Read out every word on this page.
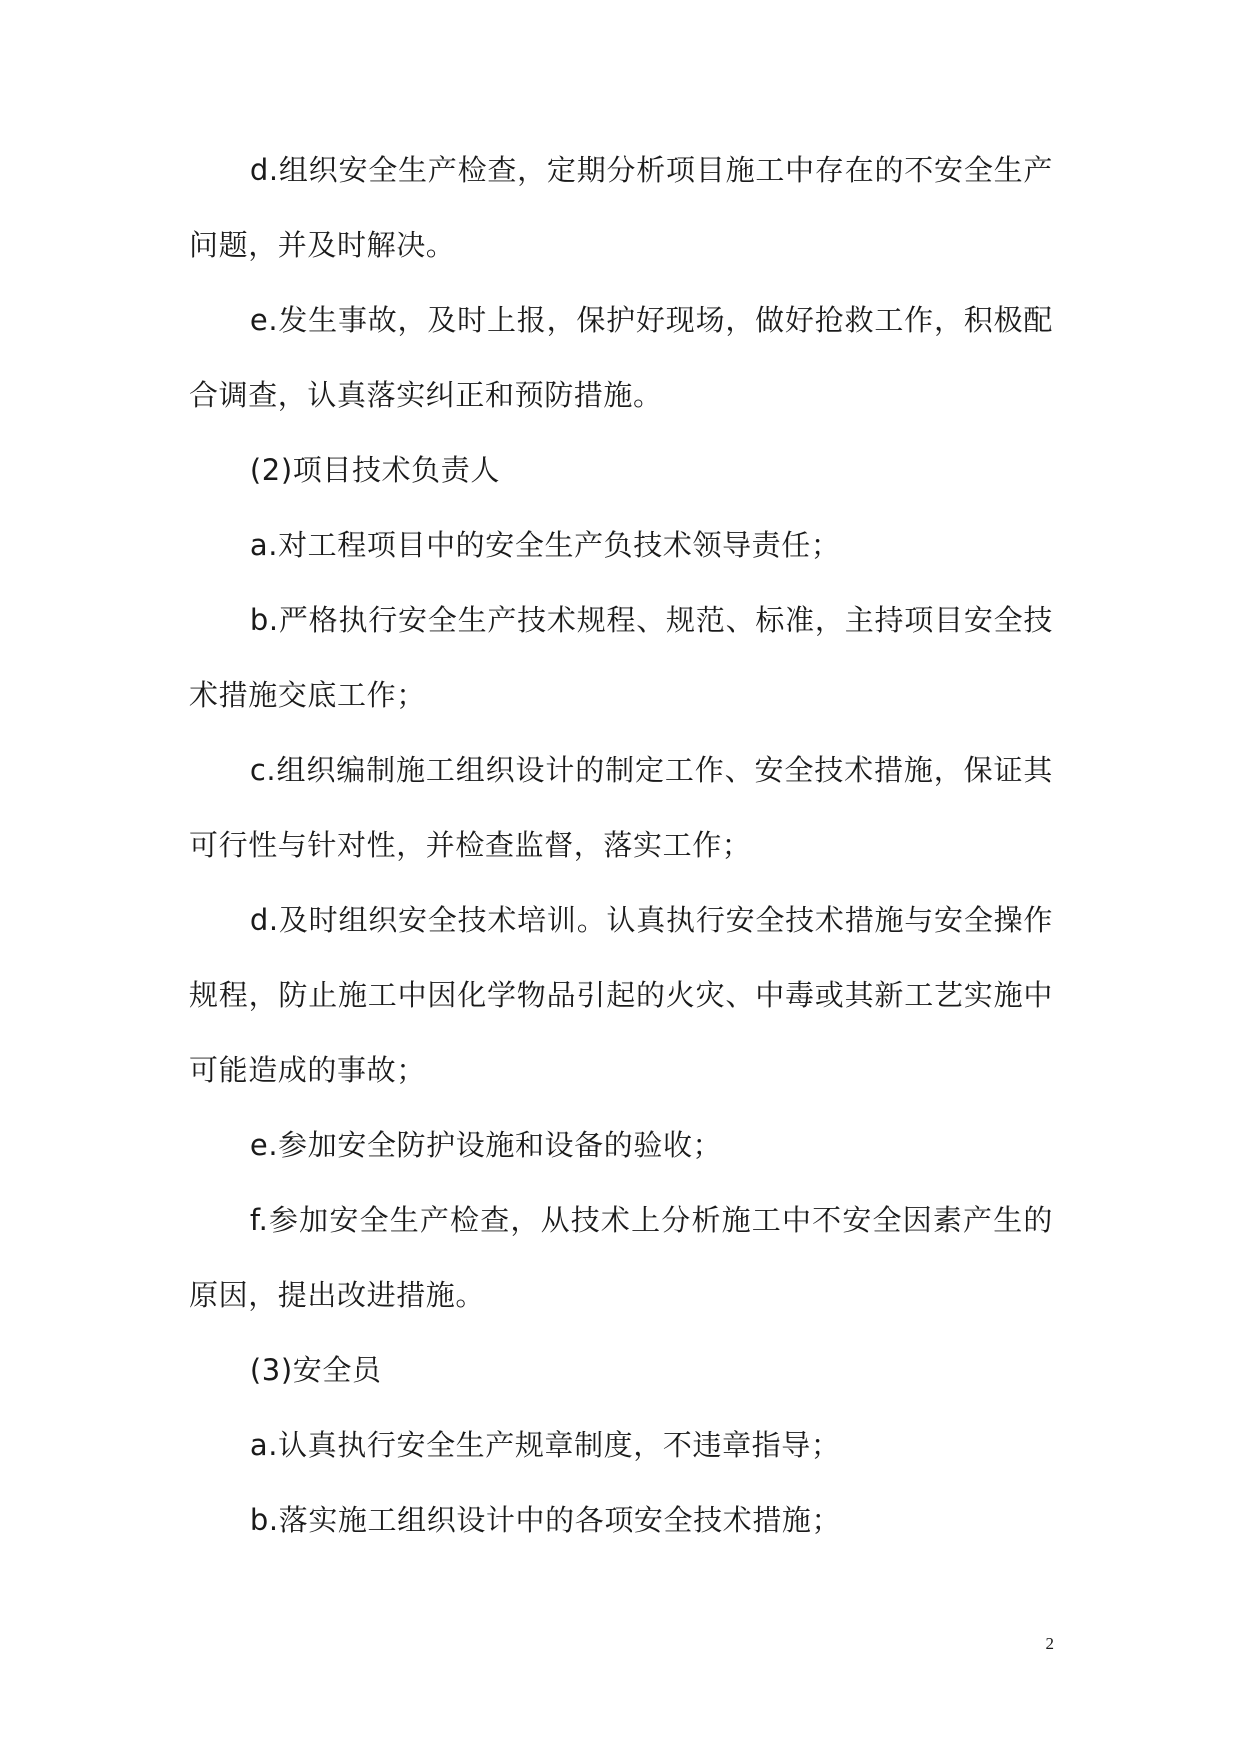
d.组织安全生产检查，定期分析项目施工中存在的不安全生产问题，并及时解决。

e.发生事故，及时上报，保护好现场，做好抢救工作，积极配合调查，认真落实纠正和预防措施。

(2)项目技术负责人

a.对工程项目中的安全生产负技术领导责任；

b.严格执行安全生产技术规程、规范、标准，主持项目安全技术措施交底工作；

c.组织编制施工组织设计的制定工作、安全技术措施，保证其可行性与针对性，并检查监督，落实工作；

d.及时组织安全技术培训。认真执行安全技术措施与安全操作规程，防止施工中因化学物品引起的火灾、中毒或其新工艺实施中可能造成的事故；

e.参加安全防护设施和设备的验收；

f.参加安全生产检查，从技术上分析施工中不安全因素产生的原因，提出改进措施。

(3)安全员

a.认真执行安全生产规章制度，不违章指导；

b.落实施工组织设计中的各项安全技术措施；

2
